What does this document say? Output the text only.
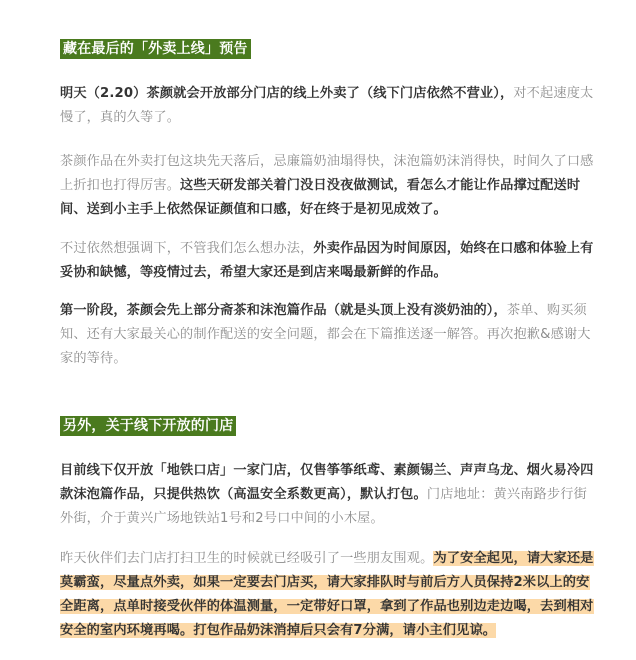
藏在最后的「外卖上线」预告

明天（2.20）茶颜就会开放部分门店的线上外卖了（线下门店依然不营业），对不起速度太慢了，真的久等了。

茶颜作品在外卖打包这块先天落后，忌廉篇奶油塌得快，沫泡篇奶沫消得快，时间久了口感上折扣也打得厉害。这些天研发部关着门没日没夜做测试，看怎么才能让作品撑过配送时间、送到小主手上依然保证颜值和口感，好在终于是初见成效了。

不过依然想强调下，不管我们怎么想办法，外卖作品因为时间原因，始终在口感和体验上有妥协和缺憾，等疫情过去，希望大家还是到店来喝最新鲜的作品。

第一阶段，茶颜会先上部分斋茶和沫泡篇作品（就是头顶上没有淡奶油的），茶单、购买须知、还有大家最关心的制作配送的安全问题，都会在下篇推送逐一解答。再次抱歉&感谢大家的等待。

另外，关于线下开放的门店

目前线下仅开放「地铁口店」一家门店，仅售筝筝纸鸢、素颜锡兰、声声乌龙、烟火易冷四款沫泡篇作品，只提供热饮（高温安全系数更高），默认打包。门店地址：黄兴南路步行街外街，介于黄兴广场地铁站1号和2号口中间的小木屋。

昨天伙伴们去门店打扫卫生的时候就已经吸引了一些朋友围观。为了安全起见，请大家还是莫霸蛮，尽量点外卖，如果一定要去门店买，请大家排队时与前后方人员保持2米以上的安全距离，点单时接受伙伴的体温测量，一定带好口罩，拿到了作品也别边走边喝，去到相对安全的室内环境再喝。打包作品奶沫消掉后只会有7分满，请小主们见谅。
